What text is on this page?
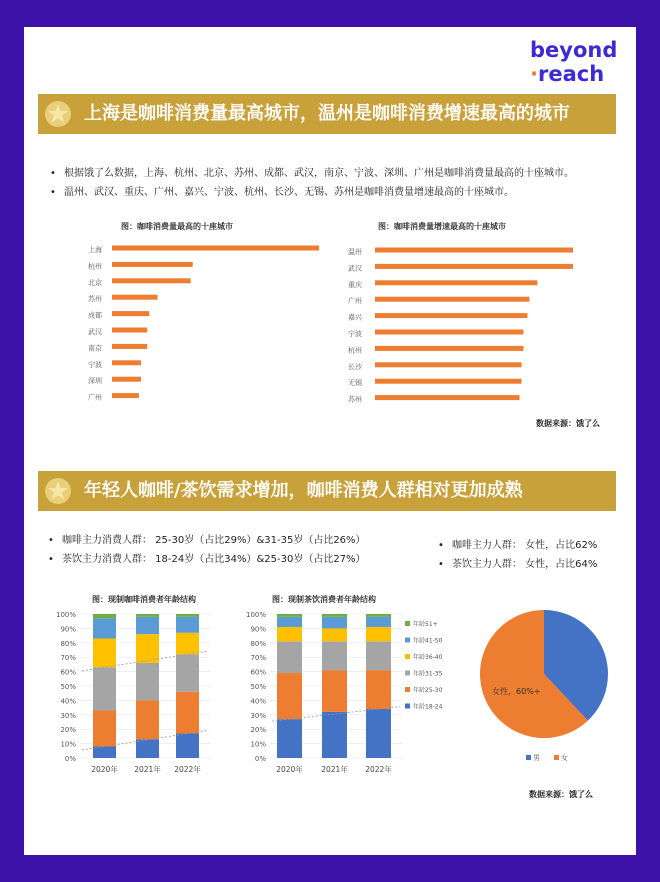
beyond
·reach
上海是咖啡消费量最高城市，温州是咖啡消费增速最高的城市
• 根据饿了么数据，上海、杭州、北京、苏州、成都、武汉，南京、宁波、深圳、广州是咖啡消费量最高的十座城市。
• 温州、武汉、重庆、广州、嘉兴、宁波、杭州、长沙、无锡、苏州是咖啡消费量增速最高的十座城市。
图：咖啡消费量最高的十座城市	图：咖啡消费量增速最高的十座城市
上海
杭州
北京
苏州
成都
武汉
南京
宁波
深圳
广州
温州
武汉
重庆
广州
嘉兴
宁波
杭州
长沙
无锡
苏州
数据来源：饿了么
年轻人咖啡/茶饮需求增加，咖啡消费人群相对更加成熟
• 咖啡主力消费人群： 25-30岁（占比29%）&31-35岁（占比26%）
• 茶饮主力消费人群： 18-24岁（占比34%）&25-30岁（占比27%）
• 咖啡主力人群： 女性，占比62%
• 茶饮主力人群： 女性，占比64%
图：现制咖啡消费者年龄结构	图：现制茶饮消费者年龄结构
0%
10%
20%
30%
40%
50%
60%
70%
80%
90%
100%
2020年 2021年 2022年
0%
10%
20%
30%
40%
50%
60%
70%
80%
90%
100%
2020年 2021年 2022年
年龄51+
年龄41-50
年龄36-40
年龄31-35
年龄25-30
年龄18-24
女性，60%+
男	女
数据来源：饿了么
